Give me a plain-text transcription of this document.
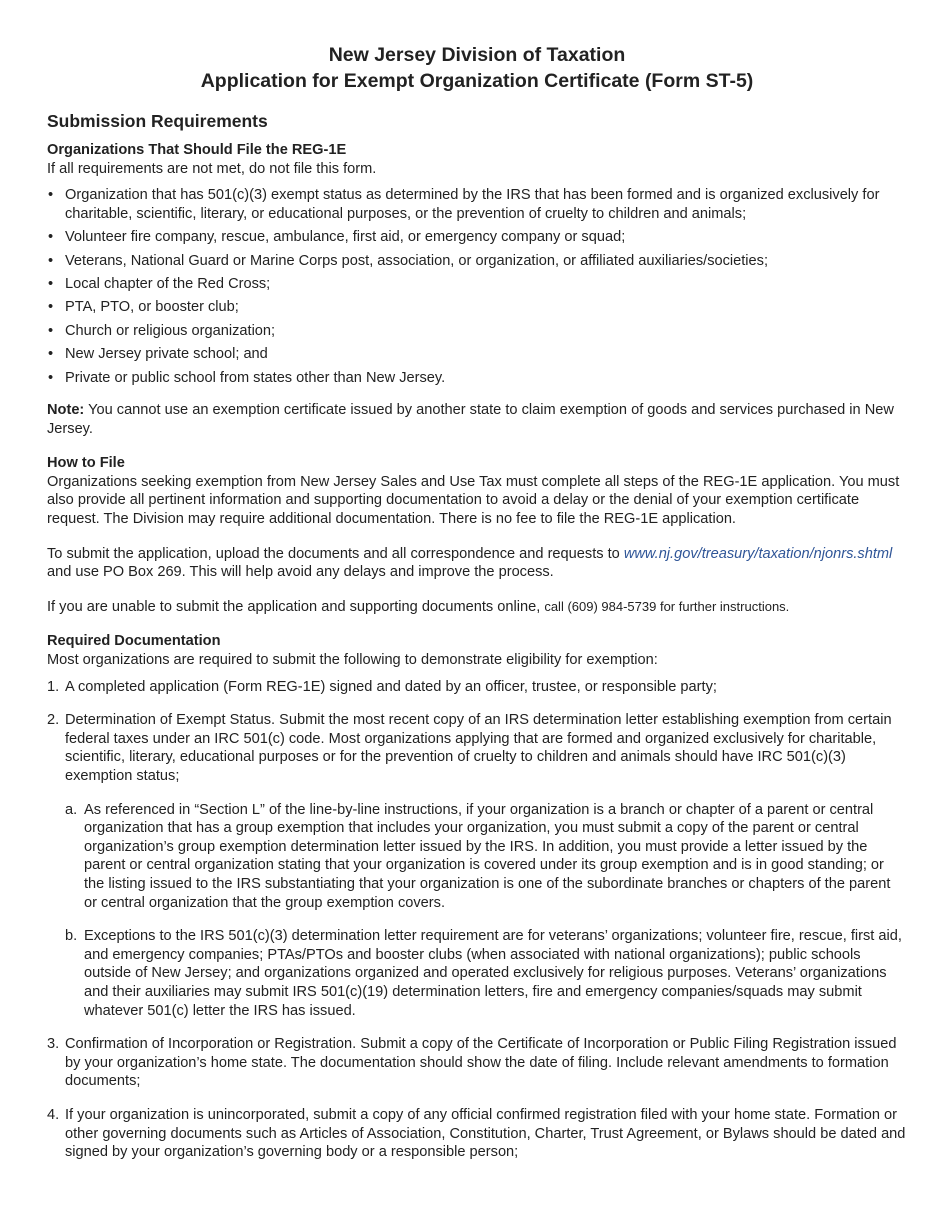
New Jersey Division of Taxation
Application for Exempt Organization Certificate (Form ST-5)
Submission Requirements
Organizations That Should File the REG-1E

If all requirements are not met, do not file this form.

• Organization that has 501(c)(3) exempt status as determined by the IRS that has been formed and is organized exclusively for charitable, scientific, literary, or educational purposes, or the prevention of cruelty to children and animals;
• Volunteer fire company, rescue, ambulance, first aid, or emergency company or squad;
• Veterans, National Guard or Marine Corps post, association, or organization, or affiliated auxiliaries/societies;
• Local chapter of the Red Cross;
• PTA, PTO, or booster club;
• Church or religious organization;
• New Jersey private school; and
• Private or public school from states other than New Jersey.

Note: You cannot use an exemption certificate issued by another state to claim exemption of goods and services purchased in New Jersey.

How to File

Organizations seeking exemption from New Jersey Sales and Use Tax must complete all steps of the REG-1E application. You must also provide all pertinent information and supporting documentation to avoid a delay or the denial of your exemption certificate request. The Division may require additional documentation. There is no fee to file the REG-1E application.

To submit the application, upload the documents and all correspondence and requests to www.nj.gov/treasury/taxation/njonrs.shtml and use PO Box 269. This will help avoid any delays and improve the process.

If you are unable to submit the application and supporting documents online, call (609) 984-5739 for further instructions.

Required Documentation

Most organizations are required to submit the following to demonstrate eligibility for exemption:

1. A completed application (Form REG-1E) signed and dated by an officer, trustee, or responsible party;
2. Determination of Exempt Status. Submit the most recent copy of an IRS determination letter establishing exemption from certain federal taxes under an IRC 501(c) code. Most organizations applying that are formed and organized exclusively for charitable, scientific, literary, educational purposes or for the prevention of cruelty to children and animals should have IRC 501(c)(3) exemption status;
a. As referenced in “Section L” of the line-by-line instructions, if your organization is a branch or chapter of a parent or central organization that has a group exemption that includes your organization, you must submit a copy of the parent or central organization’s group exemption determination letter issued by the IRS. In addition, you must provide a letter issued by the parent or central organization stating that your organization is covered under its group exemption and is in good standing; or the listing issued to the IRS substantiating that your organization is one of the subordinate branches or chapters of the parent or central organization that the group exemption covers.
b. Exceptions to the IRS 501(c)(3) determination letter requirement are for veterans’ organizations; volunteer fire, rescue, first aid, and emergency companies; PTAs/PTOs and booster clubs (when associated with national organizations); public schools outside of New Jersey; and organizations organized and operated exclusively for religious purposes. Veterans’ organizations and their auxiliaries may submit IRS 501(c)(19) determination letters, fire and emergency companies/squads may submit whatever 501(c) letter the IRS has issued.
3. Confirmation of Incorporation or Registration. Submit a copy of the Certificate of Incorporation or Public Filing Registration issued by your organization’s home state. The documentation should show the date of filing. Include relevant amendments to formation documents;
4. If your organization is unincorporated, submit a copy of any official confirmed registration filed with your home state. Formation or other governing documents such as Articles of Association, Constitution, Charter, Trust Agreement, or Bylaws should be dated and signed by your organization’s governing body or a responsible person;
